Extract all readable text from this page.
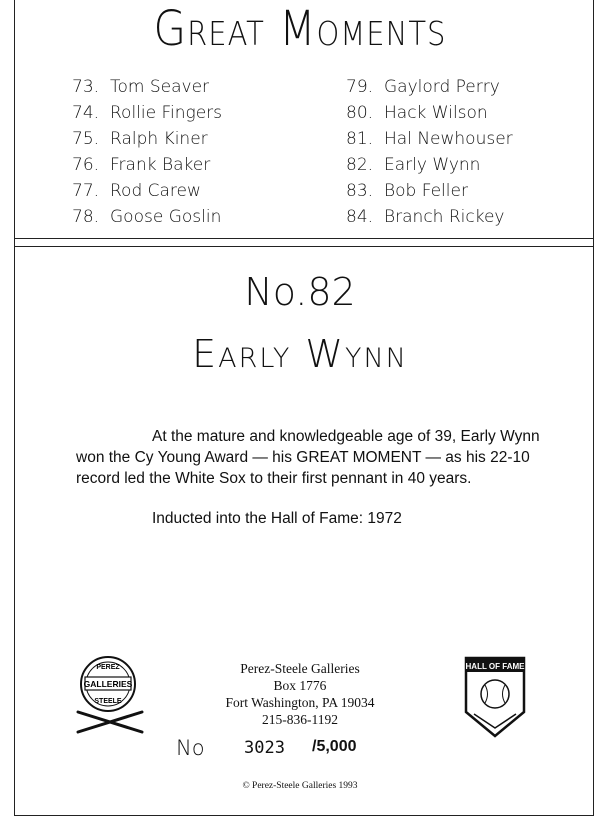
Great Moments
73. Tom Seaver
74. Rollie Fingers
75. Ralph Kiner
76. Frank Baker
77. Rod Carew
78. Goose Goslin
79. Gaylord Perry
80. Hack Wilson
81. Hal Newhouser
82. Early Wynn
83. Bob Feller
84. Branch Rickey
No.82
Early Wynn

At the mature and knowledgeable age of 39, Early Wynn won the Cy Young Award — his GREAT MOMENT — as his 22-10 record led the White Sox to their first pennant in 40 years.

Inducted into the Hall of Fame: 1972
PEREZ
GALLERIES
STEELE
Perez-Steele Galleries
Box 1776
Fort Washington, PA 19034
215-836-1192
HALL OF FAME
No 3023 /5,000
© Perez-Steele Galleries 1993
